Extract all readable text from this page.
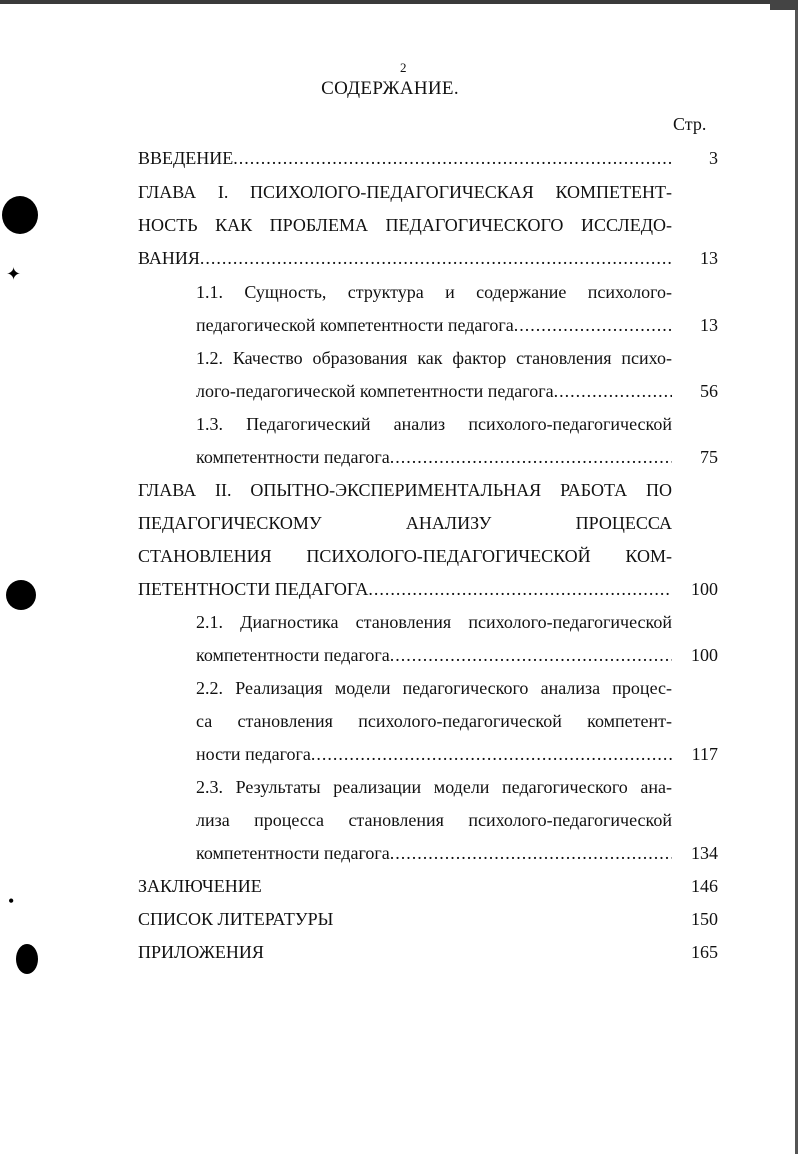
✦
•
2
СОДЕРЖАНИЕ.
Стр.
ВВЕДЕНИЕ .....	3
ГЛАВА I. ПСИХОЛОГО-ПЕДАГОГИЧЕСКАЯ КОМПЕТЕНТ-
НОСТЬ КАК ПРОБЛЕМА ПЕДАГОГИЧЕСКОГО ИССЛЕДО-
ВАНИЯ .....	13
1.1. Сущность, структура и содержание психолого-
педагогической компетентности педагога .....	13
1.2. Качество образования как фактор становления психо-
лого-педагогической компетентности педагога .....	56
1.3. Педагогический анализ психолого-педагогической
компетентности педагога .....	75
ГЛАВА II. ОПЫТНО-ЭКСПЕРИМЕНТАЛЬНАЯ РАБОТА ПО
ПЕДАГОГИЧЕСКОМУ АНАЛИЗУ ПРОЦЕССА
СТАНОВЛЕНИЯ ПСИХОЛОГО-ПЕДАГОГИЧЕСКОЙ КОМ-
ПЕТЕНТНОСТИ ПЕДАГОГА .....	100
2.1. Диагностика становления психолого-педагогической
компетентности педагога .....	100
2.2. Реализация модели педагогического анализа процес-
са становления психолого-педагогической компетент-
ности педагога .....	117
2.3. Результаты реализации модели педагогического ана-
лиза процесса становления психолого-педагогической
компетентности педагога .....	134
ЗАКЛЮЧЕНИЕ	146
СПИСОК ЛИТЕРАТУРЫ	150
ПРИЛОЖЕНИЯ	165
